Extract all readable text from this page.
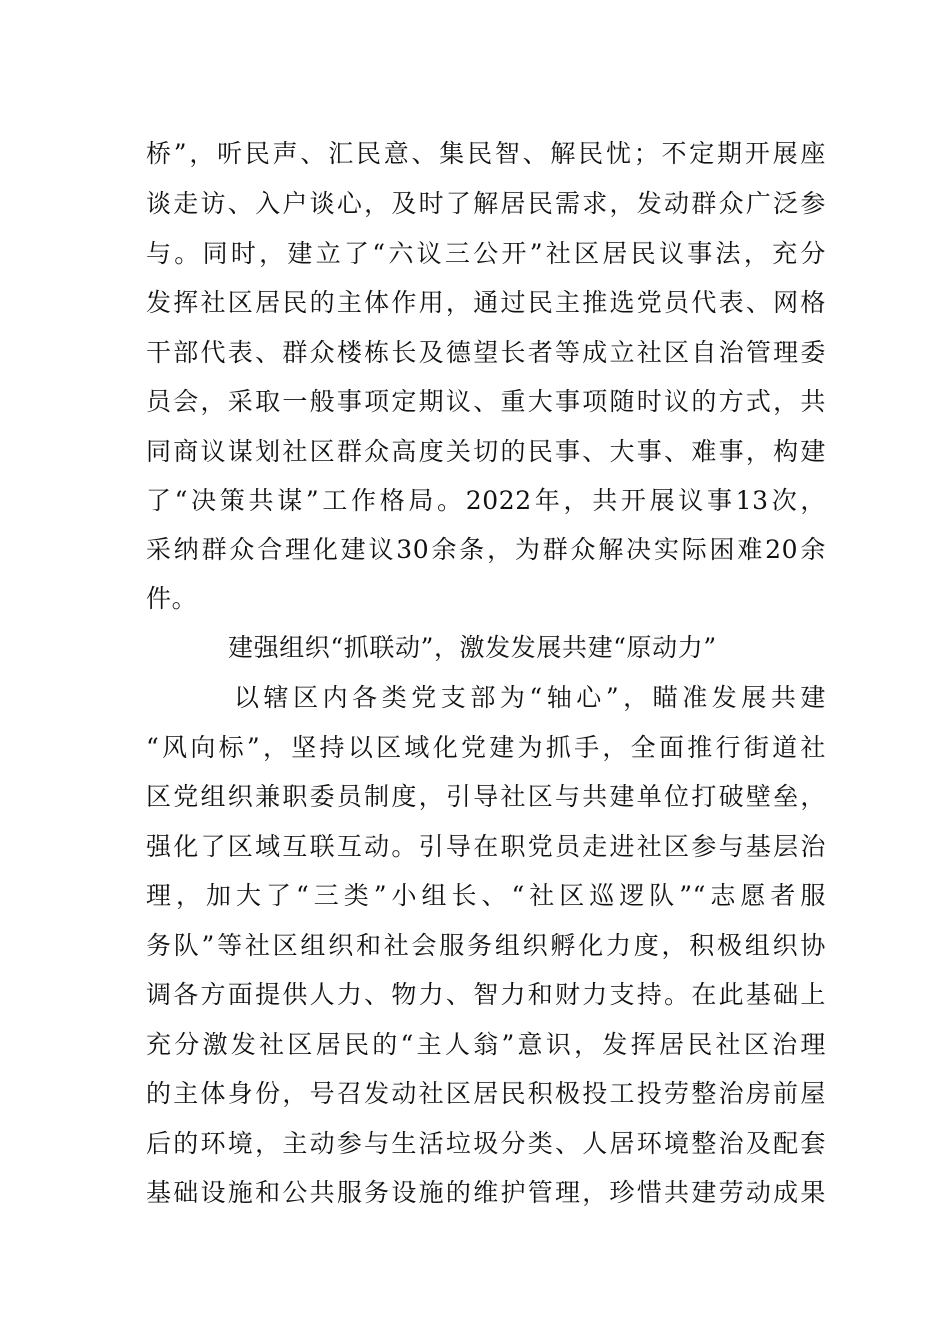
桥”，听民声、汇民意、集民智、解民忧；不定期开展座
谈走访、入户谈心，及时了解居民需求，发动群众广泛参
与。同时，建立了“六议三公开”社区居民议事法，充分
发挥社区居民的主体作用，通过民主推选党员代表、网格
干部代表、群众楼栋长及德望长者等成立社区自治管理委
员会，采取一般事项定期议、重大事项随时议的方式，共
同商议谋划社区群众高度关切的民事、大事、难事，构建
了“决策共谋”工作格局。2022年，共开展议事13次，
采纳群众合理化建议30余条，为群众解决实际困难20余
件。
建强组织“抓联动”，激发发展共建“原动力”
以辖区内各类党支部为“轴心”，瞄准发展共建
“风向标”，坚持以区域化党建为抓手，全面推行街道社
区党组织兼职委员制度，引导社区与共建单位打破壁垒，
强化了区域互联互动。引导在职党员走进社区参与基层治
理，加大了“三类”小组长、“社区巡逻队”“志愿者服
务队”等社区组织和社会服务组织孵化力度，积极组织协
调各方面提供人力、物力、智力和财力支持。在此基础上
充分激发社区居民的“主人翁”意识，发挥居民社区治理
的主体身份，号召发动社区居民积极投工投劳整治房前屋
后的环境，主动参与生活垃圾分类、人居环境整治及配套
基础设施和公共服务设施的维护管理，珍惜共建劳动成果
